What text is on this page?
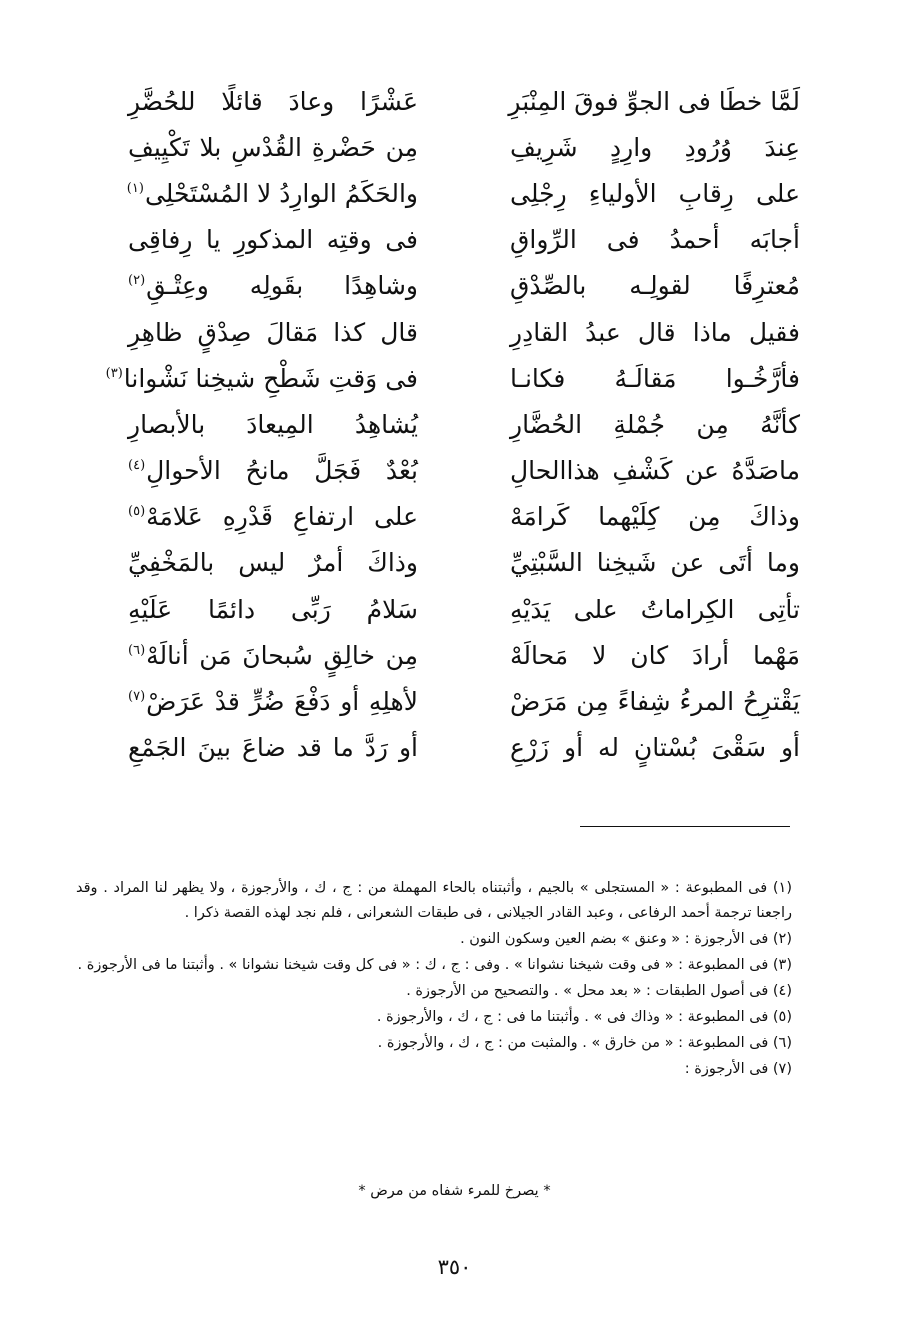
لَمَّا خطَا فى الجوِّ فوقَ المِنْبَرِ
عَشْرًا وعادَ قائلًا للحُضَّرِ
عِندَ وُرُودِ وارِدٍ شَرِيفِ
مِن حَضْرةِ القُدْسِ بلا تَكْيِيفِ
على رِقابِ الأولياءِ رِجْلِى
والحَكَمُ الوارِدُ لا المُسْتَحْلِى$^{(١)}$
أجابَه أحمدُ فى الرِّواقِ
فى وقتِه المذكورِ يا رِفاقِى
مُعترِفًا لقولِـه بالصِّدْقِ
وشاهِدًا بقَولِه وعِتْـقِ$^{(٢)}$
فقيل ماذا قال عبدُ القادِرِ
قال كذا مَقالَ صِدْقٍ ظاهِرِ
فأرَّخُـوا مَقالَـهُ فكانـا
فى وَقتِ شَطْحِ شيخِنا نَشْوانا$^{(٣)}$
كأنَّهُ مِن جُمْلةِ الحُضَّارِ
يُشاهِدُ المِيعادَ بالأبصارِ
ماصَدَّهُ عن كَشْفِ هذاالحالِ
بُعْدٌ فَجَلَّ مانحُ الأحوالِ$^{(٤)}$
وذاكَ مِن كِلَيْهما كَرامَهْ
على ارتفاعِ قَدْرِهِ عَلامَهْ$^{(٥)}$
وما أتَى عن شَيخِنا السَّبْتِيِّ
وذاكَ أمرٌ ليس بالمَخْفِيِّ
تأتِى الكِراماتُ على يَدَيْهِ
سَلامُ رَبِّى دائمًا عَلَيْهِ
مَهْما أرادَ كان لا مَحالَهْ
مِن خالِقٍ سُبحانَ مَن أنالَهْ$^{(٦)}$
يَقْترِحُ المرءُ شِفاءً مِن مَرَضْ
لأهلِهِ أو دَفْعَ ضُرٍّ قدْ عَرَضْ$^{(٧)}$
أو سَقْىَ بُسْتانٍ له أو زَرْعِ
أو رَدَّ ما قد ضاعَ بينَ الجَمْعِ
(١) فى المطبوعة : « المستجلى » بالجيم ، وأثبتناه بالحاء المهملة من : ج ، ك ، والأرجوزة ، ولا يظهر لنا المراد . وقد راجعنا ترجمة أحمد الرفاعى ، وعبد القادر الجيلانى ، فى طبقات الشعرانى ، فلم نجد لهذه القصة ذكرا .
(٢) فى الأرجوزة : « وعنق » بضم العين وسكون النون .
(٣) فى المطبوعة : « فى وقت شيخنا نشوانا » . وفى : ج ، ك : « فى كل وقت شيخنا نشوانا » . وأثبتنا ما فى الأرجوزة .
(٤) فى أصول الطبقات : « بعد محل » . والتصحيح من الأرجوزة .
(٥) فى المطبوعة : « وذاك فى » . وأثبتنا ما فى : ج ، ك ، والأرجوزة .
(٦) فى المطبوعة : « من خارق » . والمثبت من : ج ، ك ، والأرجوزة .
(٧) فى الأرجوزة :
* يصرخ للمرء شفاه من مرض *
٣٥٠
